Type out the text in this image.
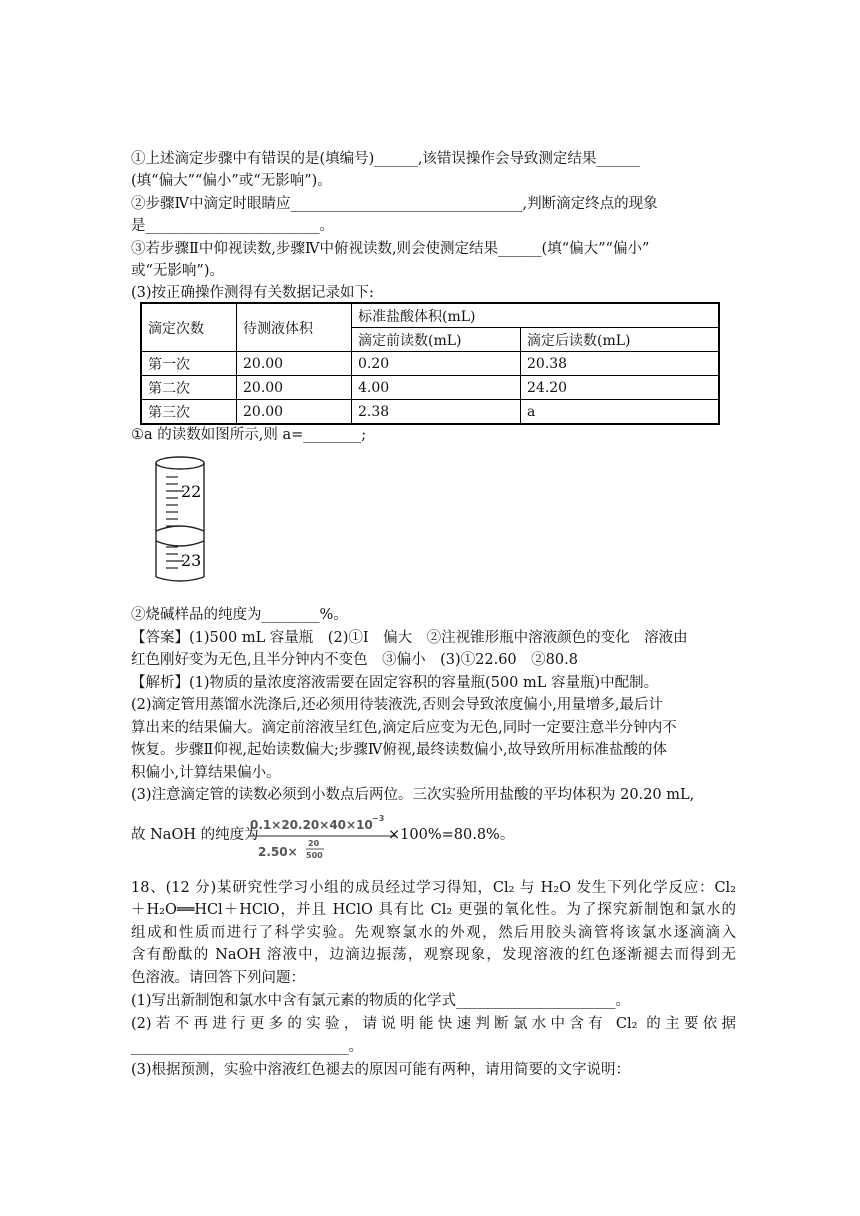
①上述滴定步骤中有错误的是(填编号)______,该错误操作会导致测定结果______
(填“偏大”“偏小”或“无影响”)。
②步骤Ⅳ中滴定时眼睛应________________________________,判断滴定终点的现象
是________________________。
③若步骤Ⅱ中仰视读数,步骤Ⅳ中俯视读数,则会使测定结果______(填“偏大”“偏小”
或“无影响”)。
(3)按正确操作测得有关数据记录如下:
滴定次数	待测液体积	标准盐酸体积(mL)	
		滴定前读数(mL)	滴定后读数(mL)
第一次	20.00	0.20	20.38
第二次	20.00	4.00	24.20
第三次	20.00	2.38	a
①a 的读数如图所示,则 a=________;
22
23
②烧碱样品的纯度为________%。
【答案】(1)500 mL 容量瓶　(2)①Ⅰ　偏大　②注视锥形瓶中溶液颜色的变化　溶液由
红色刚好变为无色,且半分钟内不变色　③偏小　(3)①22.60　②80.8
【解析】(1)物质的量浓度溶液需要在固定容积的容量瓶(500 mL 容量瓶)中配制。
(2)滴定管用蒸馏水洗涤后,还必须用待装液洗,否则会导致浓度偏小,用量增多,最后计
算出来的结果偏大。滴定前溶液呈红色,滴定后应变为无色,同时一定要注意半分钟内不
恢复。步骤Ⅱ仰视,起始读数偏大;步骤Ⅳ俯视,最终读数偏小,故导致所用标准盐酸的体
积偏小,计算结果偏小。
(3)注意滴定管的读数必须到小数点后两位。三次实验所用盐酸的平均体积为 20.20 mL,
故 NaOH 的纯度为
0.1×20.20×40×10 −3
2.50×
20
500
×100%=80.8%。
18、(12 分)某研究性学习小组的成员经过学习得知，Cl₂ 与 H₂O 发生下列化学反应：Cl₂
＋H₂O══HCl＋HClO，并且 HClO 具有比 Cl₂ 更强的氧化性。为了探究新制饱和氯水的
组成和性质而进行了科学实验。先观察氯水的外观，然后用胶头滴管将该氯水逐滴滴入
含有酚酞的 NaOH 溶液中，边滴边振荡，观察现象，发现溶液的红色逐渐褪去而得到无
色溶液。请回答下列问题：
(1)写出新制饱和氯水中含有氯元素的物质的化学式______________________。
(2)若不再进行更多的实验，请说明能快速判断氯水中含有 Cl₂ 的主要依据
______________________________。
(3)根据预测，实验中溶液红色褪去的原因可能有两种，请用简要的文字说明：
